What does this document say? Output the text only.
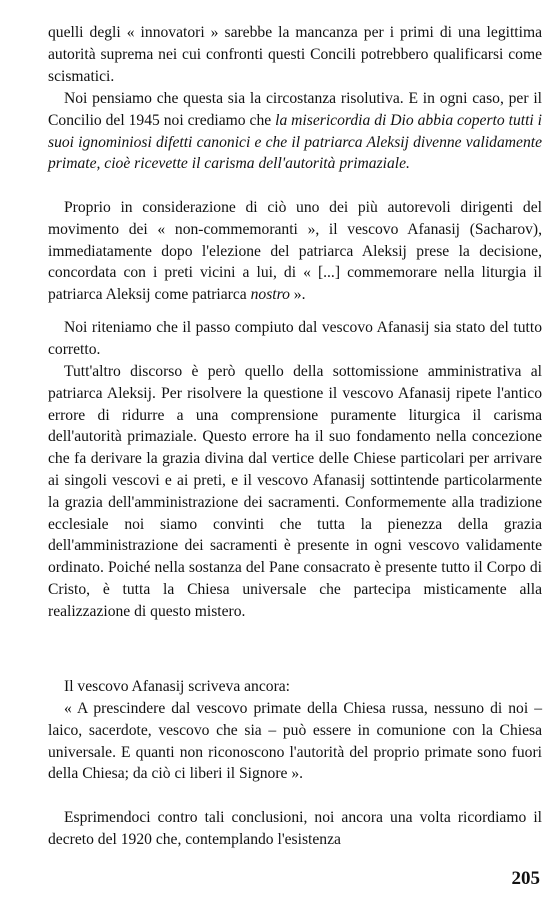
quelli degli « innovatori » sarebbe la mancanza per i primi di una legittima autorità suprema nei cui confronti questi Concili potrebbero qualificarsi come scismatici.

Noi pensiamo che questa sia la circostanza risolutiva. E in ogni caso, per il Concilio del 1945 noi crediamo che la misericordia di Dio abbia coperto tutti i suoi ignominiosi difetti canonici e che il patriarca Aleksij divenne validamente primate, cioè ricevette il carisma dell'autorità primaziale.

Proprio in considerazione di ciò uno dei più autorevoli dirigenti del movimento dei « non-commemoranti », il vescovo Afanasij (Sacharov), immediatamente dopo l'elezione del patriarca Aleksij prese la decisione, concordata con i preti vicini a lui, di « [...] commemorare nella liturgia il patriarca Aleksij come patriarca nostro ».

Noi riteniamo che il passo compiuto dal vescovo Afanasij sia stato del tutto corretto.

Tutt'altro discorso è però quello della sottomissione amministrativa al patriarca Aleksij. Per risolvere la questione il vescovo Afanasij ripete l'antico errore di ridurre a una comprensione puramente liturgica il carisma dell'autorità primaziale. Questo errore ha il suo fondamento nella concezione che fa derivare la grazia divina dal vertice delle Chiese particolari per arrivare ai singoli vescovi e ai preti, e il vescovo Afanasij sottintende particolarmente la grazia dell'amministrazione dei sacramenti. Conformemente alla tradizione ecclesiale noi siamo convinti che tutta la pienezza della grazia dell'amministrazione dei sacramenti è presente in ogni vescovo validamente ordinato. Poiché nella sostanza del Pane consacrato è presente tutto il Corpo di Cristo, è tutta la Chiesa universale che partecipa misticamente alla realizzazione di questo mistero.

Il vescovo Afanasij scriveva ancora:

« A prescindere dal vescovo primate della Chiesa russa, nessuno di noi – laico, sacerdote, vescovo che sia – può essere in comunione con la Chiesa universale. E quanti non riconoscono l'autorità del proprio primate sono fuori della Chiesa; da ciò ci liberi il Signore ».

Esprimendoci contro tali conclusioni, noi ancora una volta ricordiamo il decreto del 1920 che, contemplando l'esistenza

205
